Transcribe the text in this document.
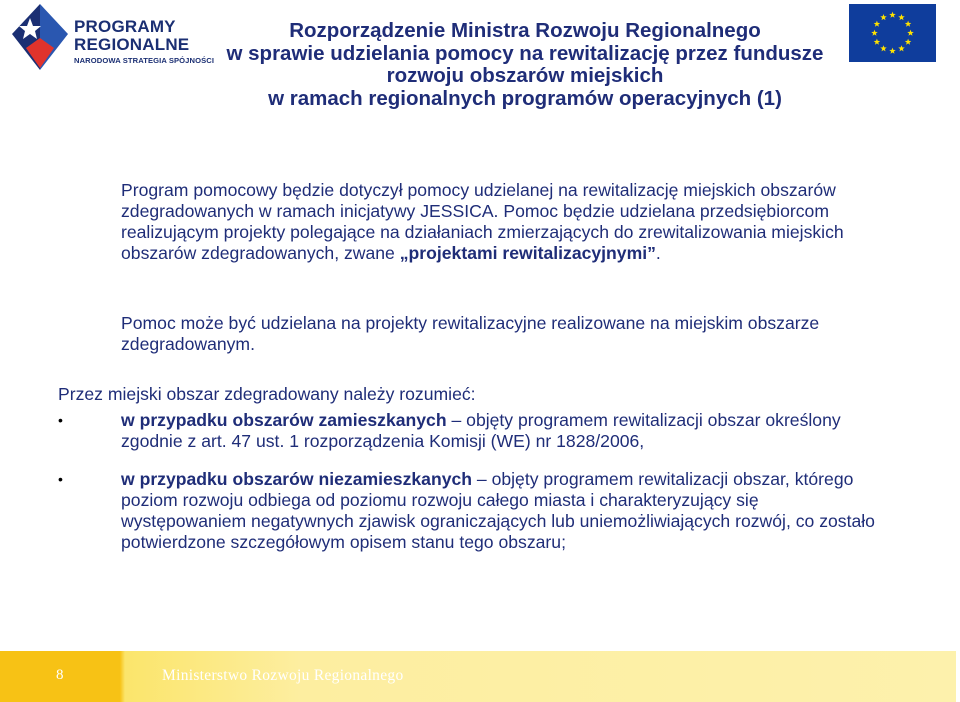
PROGRAMY
REGIONALNE
NARODOWA STRATEGIA SPÓJNOŚCI
Rozporządzenie Ministra Rozwoju Regionalnego
w sprawie udzielania pomocy na rewitalizację przez fundusze
rozwoju obszarów miejskich
w ramach regionalnych programów operacyjnych (1)
Program pomocowy będzie dotyczył pomocy udzielanej na rewitalizację miejskich obszarów zdegradowanych w ramach inicjatywy JESSICA. Pomoc będzie udzielana przedsiębiorcom realizującym projekty polegające na działaniach zmierzających do zrewitalizowania miejskich obszarów zdegradowanych, zwane „projektami rewitalizacyjnymi”.
Pomoc może być udzielana na projekty rewitalizacyjne realizowane na miejskim obszarze zdegradowanym.
Przez miejski obszar zdegradowany należy rozumieć:
•	w przypadku obszarów zamieszkanych – objęty programem rewitalizacji obszar określony zgodnie z art. 47 ust. 1 rozporządzenia Komisji (WE) nr 1828/2006,
•	w przypadku obszarów niezamieszkanych – objęty programem rewitalizacji obszar, którego poziom rozwoju odbiega od poziomu rozwoju całego miasta i charakteryzujący się występowaniem negatywnych zjawisk ograniczających lub uniemożliwiających rozwój, co zostało potwierdzone szczegółowym opisem stanu tego obszaru;
8	Ministerstwo Rozwoju Regionalnego
